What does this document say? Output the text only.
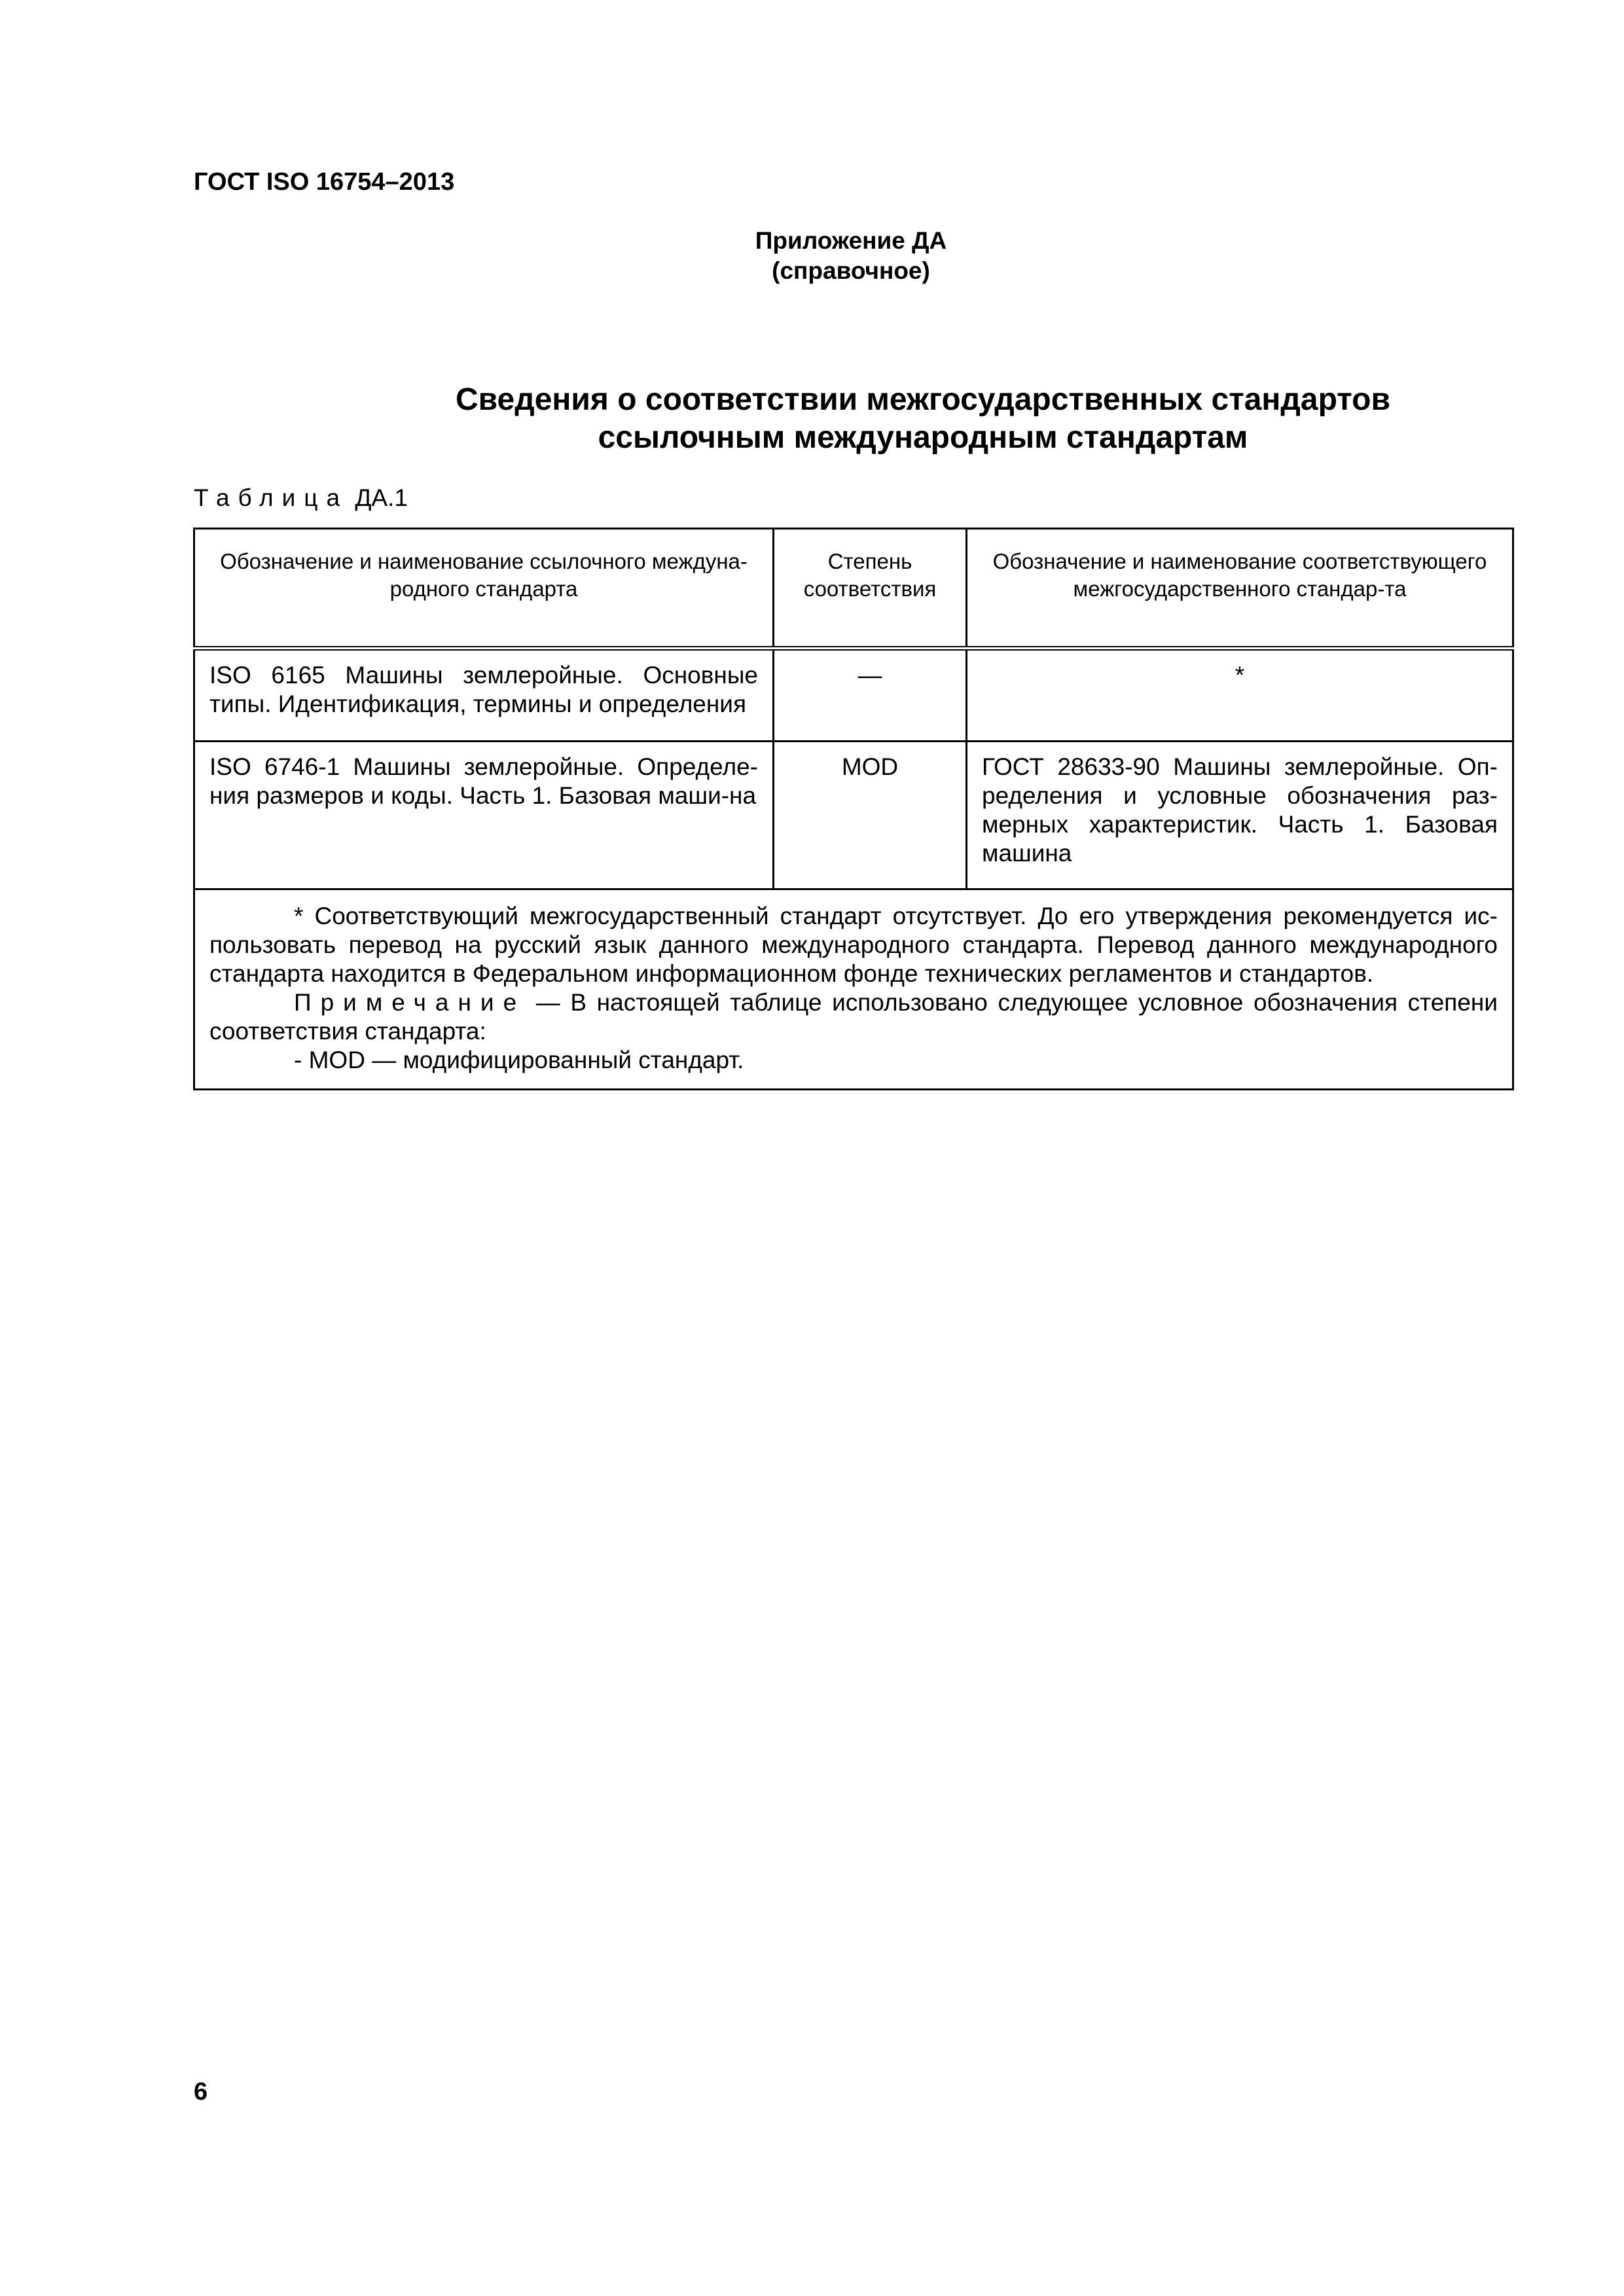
ГОСТ ISO 16754–2013
Приложение ДА
(справочное)
Сведения о соответствии межгосударственных стандартов
ссылочным международным стандартам
Таблица ДА.1
Обозначение и наименование ссылочного междуна-родного стандарта	Степень соответствия	Обозначение и наименование соответствующего межгосударственного стандар-та
ISO 6165 Машины землеройные. Основные типы. Идентификация, термины и определения	—	*
ISO 6746-1 Машины землеройные. Определе-ния размеров и коды. Часть 1. Базовая маши-на	MOD	ГОСТ 28633-90 Машины землеройные. Оп-ределения и условные обозначения раз-мерных характеристик. Часть 1. Базовая машина

* Соответствующий межгосударственный стандарт отсутствует. До его утверждения рекомендуется ис-пользовать перевод на русский язык данного международного стандарта. Перевод данного международного стандарта находится в Федеральном информационном фонде технических регламентов и стандартов.

Примечание — В настоящей таблице использовано следующее условное обозначения степени соответствия стандарта:

- MOD — модифицированный стандарт.		

6
